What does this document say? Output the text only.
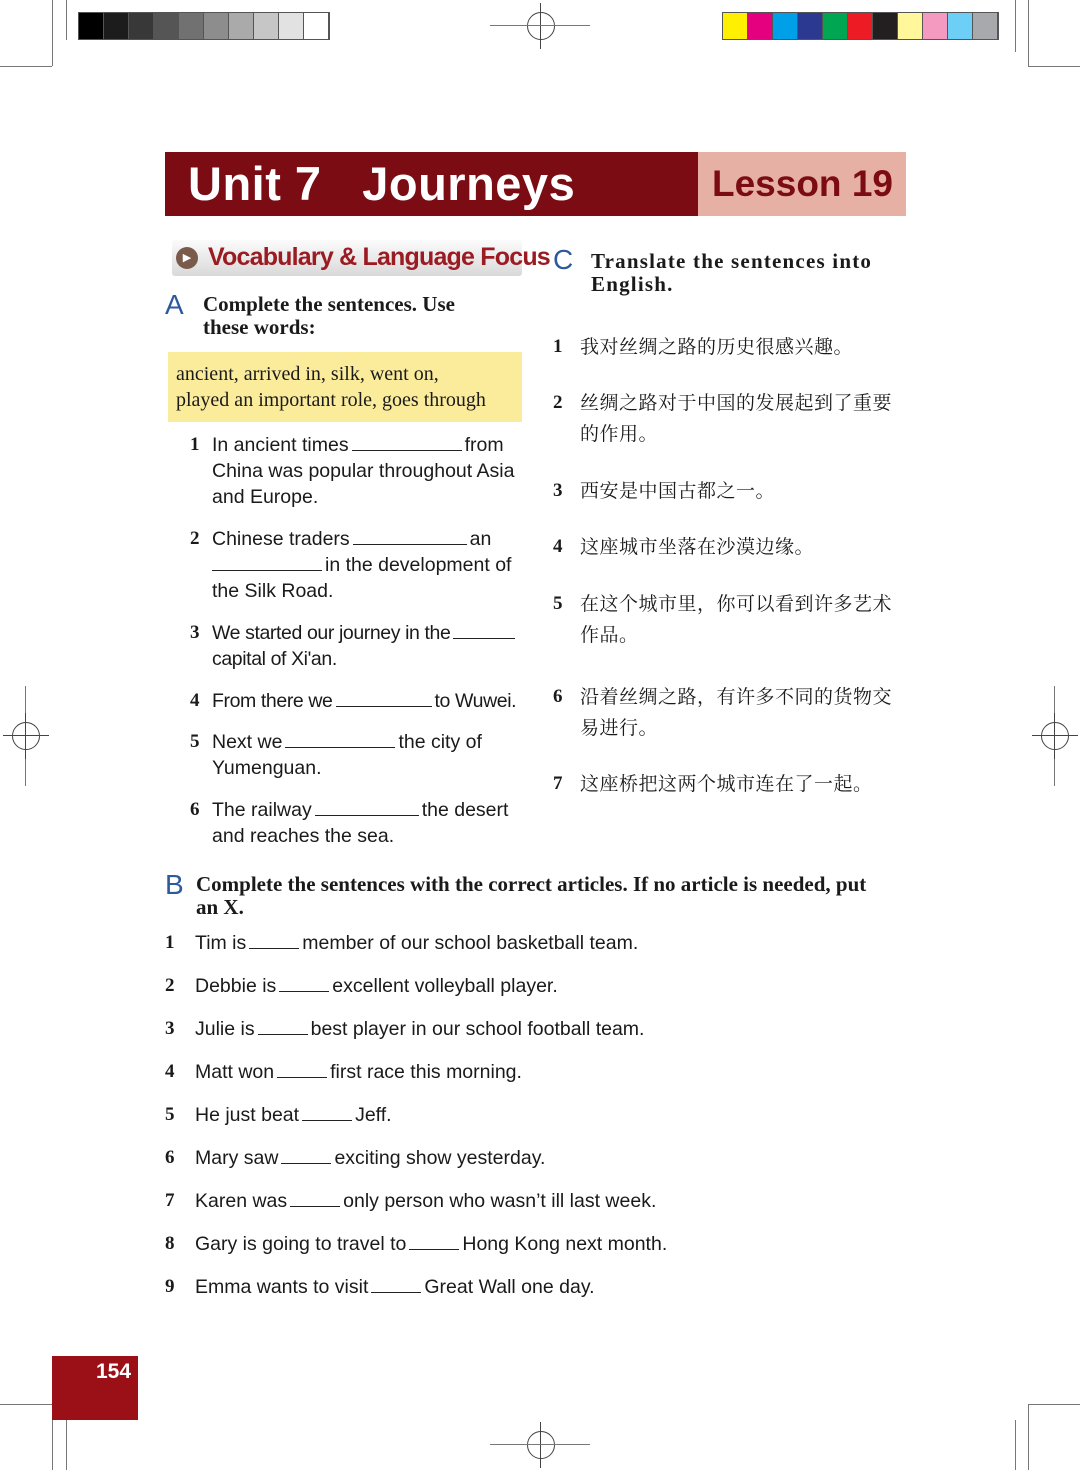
Unit 7   Journeys	Lesson 19
▶ Vocabulary & Language Focus
A Complete the sentences. Use these words:
ancient, arrived in, silk, went on,
played an important role, goes through
1 In ancient times	from China was popular throughout Asia and Europe.
2 Chinese traders	an
in the development of the Silk Road.
3 We started our journey in the
capital of Xi'an.
4 From there we	to Wuwei.
5 Next we	the city of Yumenguan.
6 The railway	the desert and reaches the sea.
C Translate the sentences into English.
1 我对丝绸之路的历史很感兴趣。
2 丝绸之路对于中国的发展起到了重要的作用。
3 西安是中国古都之一。
4 这座城市坐落在沙漠边缘。
5 在这个城市里，你可以看到许多艺术作品。
6 沿着丝绸之路，有许多不同的货物交易进行。
7 这座桥把这两个城市连在了一起。
B Complete the sentences with the correct articles. If no article is needed, put
an X.
1 Tim is	member of our school basketball team.
2 Debbie is	excellent volleyball player.
3 Julie is	best player in our school football team.
4 Matt won	first race this morning.
5 He just beat	Jeff.
6 Mary saw	exciting show yesterday.
7 Karen was	only person who wasn’t ill last week.
8 Gary is going to travel to	Hong Kong next month.
9 Emma wants to visit	Great Wall one day.
154
